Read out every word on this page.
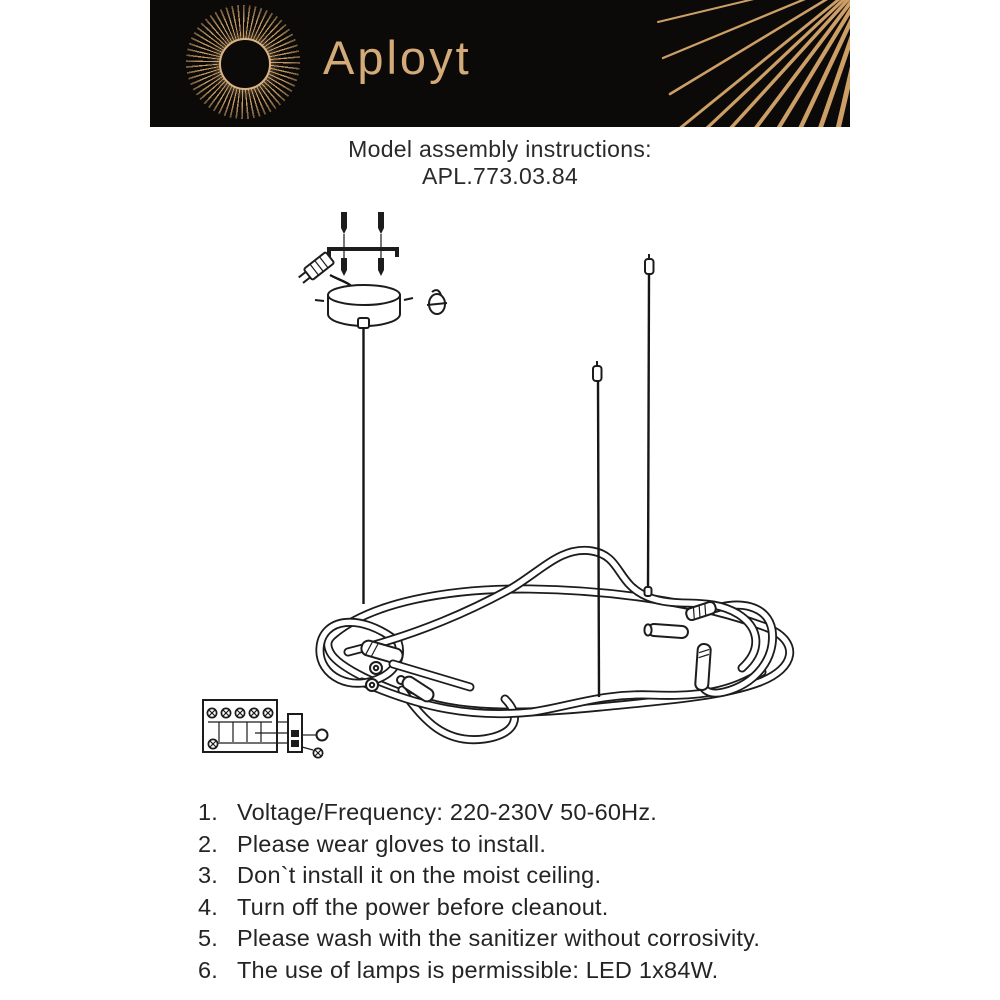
Aployt
Model assembly instructions:
APL.773.03.84
1. Voltage/Frequency: 220-230V 50-60Hz.
2. Please wear gloves to install.
3. Don`t install it on the moist ceiling.
4. Turn off the power before cleanout.
5. Please wash with the sanitizer without corrosivity.
6. The use of lamps is permissible: LED 1x84W.
